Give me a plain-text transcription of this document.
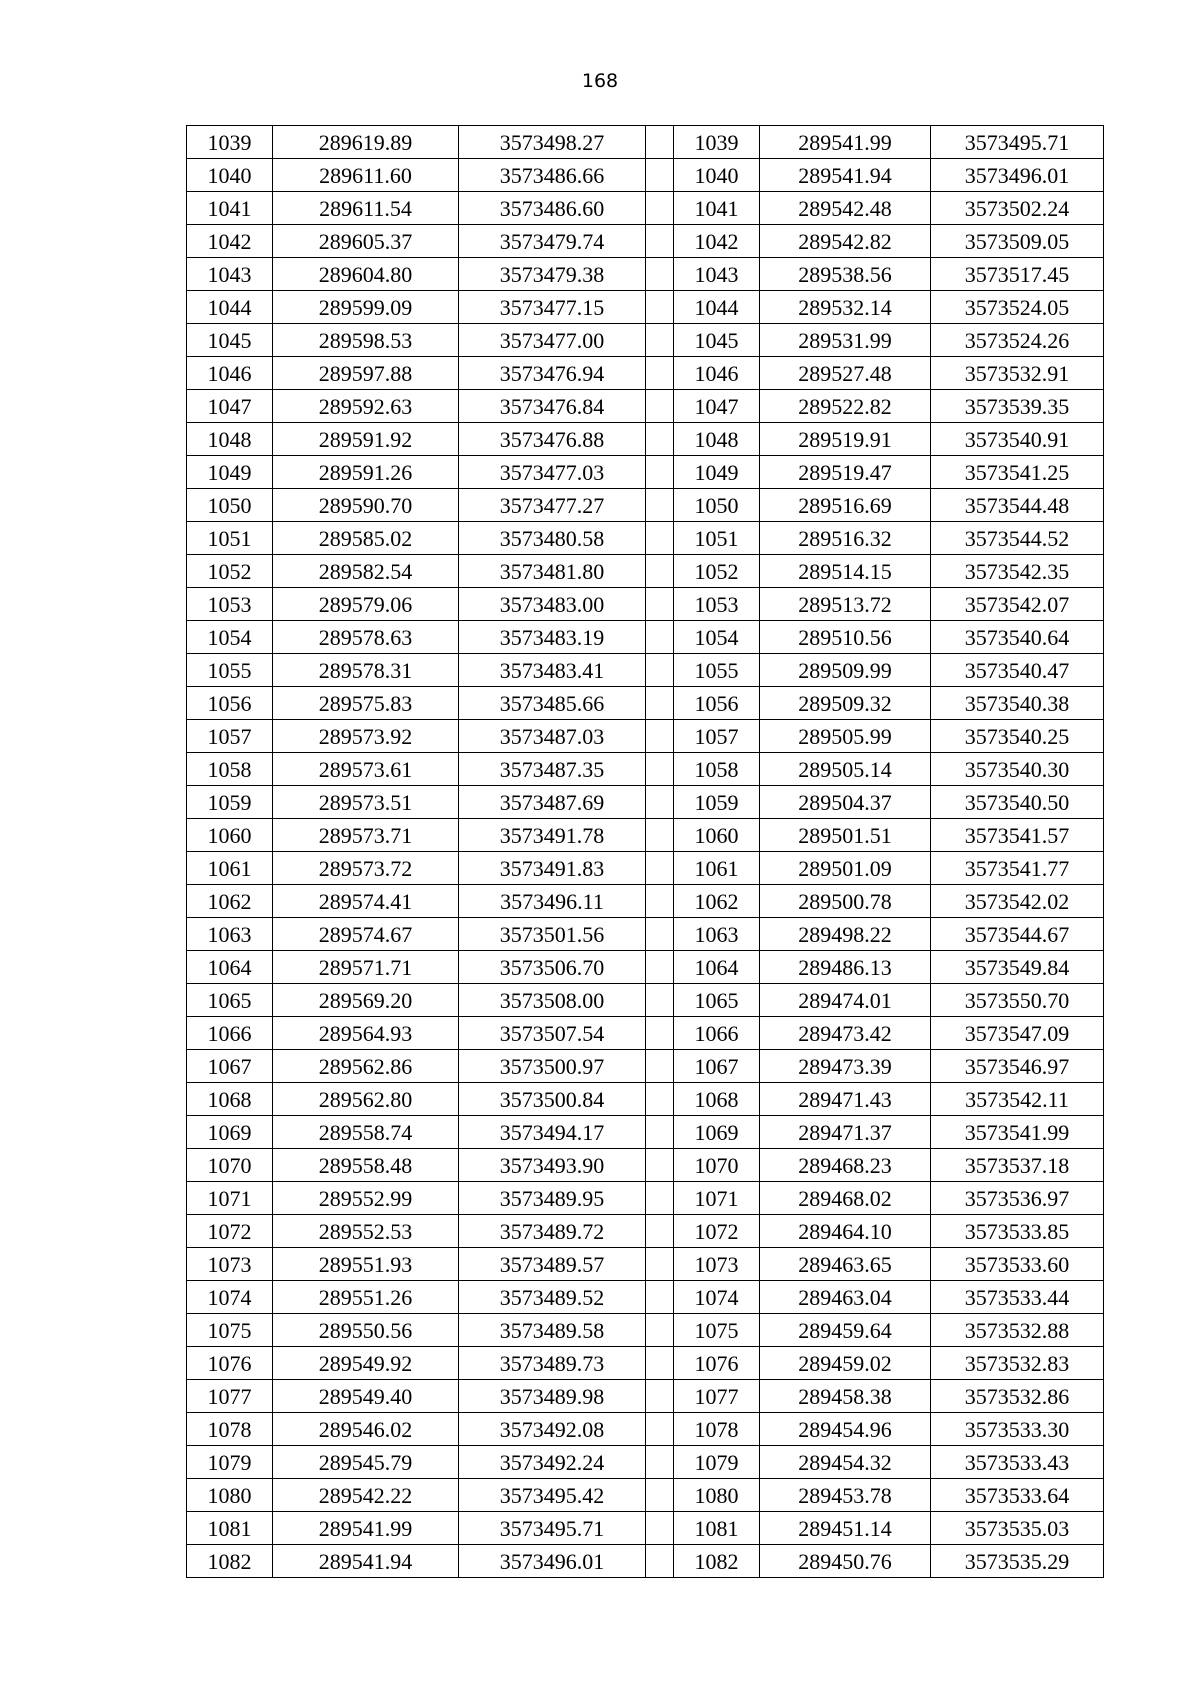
168
1039	289619.89	3573498.27		1039	289541.99	3573495.71
1040	289611.60	3573486.66		1040	289541.94	3573496.01
1041	289611.54	3573486.60		1041	289542.48	3573502.24
1042	289605.37	3573479.74		1042	289542.82	3573509.05
1043	289604.80	3573479.38		1043	289538.56	3573517.45
1044	289599.09	3573477.15		1044	289532.14	3573524.05
1045	289598.53	3573477.00		1045	289531.99	3573524.26
1046	289597.88	3573476.94		1046	289527.48	3573532.91
1047	289592.63	3573476.84		1047	289522.82	3573539.35
1048	289591.92	3573476.88		1048	289519.91	3573540.91
1049	289591.26	3573477.03		1049	289519.47	3573541.25
1050	289590.70	3573477.27		1050	289516.69	3573544.48
1051	289585.02	3573480.58		1051	289516.32	3573544.52
1052	289582.54	3573481.80		1052	289514.15	3573542.35
1053	289579.06	3573483.00		1053	289513.72	3573542.07
1054	289578.63	3573483.19		1054	289510.56	3573540.64
1055	289578.31	3573483.41		1055	289509.99	3573540.47
1056	289575.83	3573485.66		1056	289509.32	3573540.38
1057	289573.92	3573487.03		1057	289505.99	3573540.25
1058	289573.61	3573487.35		1058	289505.14	3573540.30
1059	289573.51	3573487.69		1059	289504.37	3573540.50
1060	289573.71	3573491.78		1060	289501.51	3573541.57
1061	289573.72	3573491.83		1061	289501.09	3573541.77
1062	289574.41	3573496.11		1062	289500.78	3573542.02
1063	289574.67	3573501.56		1063	289498.22	3573544.67
1064	289571.71	3573506.70		1064	289486.13	3573549.84
1065	289569.20	3573508.00		1065	289474.01	3573550.70
1066	289564.93	3573507.54		1066	289473.42	3573547.09
1067	289562.86	3573500.97		1067	289473.39	3573546.97
1068	289562.80	3573500.84		1068	289471.43	3573542.11
1069	289558.74	3573494.17		1069	289471.37	3573541.99
1070	289558.48	3573493.90		1070	289468.23	3573537.18
1071	289552.99	3573489.95		1071	289468.02	3573536.97
1072	289552.53	3573489.72		1072	289464.10	3573533.85
1073	289551.93	3573489.57		1073	289463.65	3573533.60
1074	289551.26	3573489.52		1074	289463.04	3573533.44
1075	289550.56	3573489.58		1075	289459.64	3573532.88
1076	289549.92	3573489.73		1076	289459.02	3573532.83
1077	289549.40	3573489.98		1077	289458.38	3573532.86
1078	289546.02	3573492.08		1078	289454.96	3573533.30
1079	289545.79	3573492.24		1079	289454.32	3573533.43
1080	289542.22	3573495.42		1080	289453.78	3573533.64
1081	289541.99	3573495.71		1081	289451.14	3573535.03
1082	289541.94	3573496.01		1082	289450.76	3573535.29
